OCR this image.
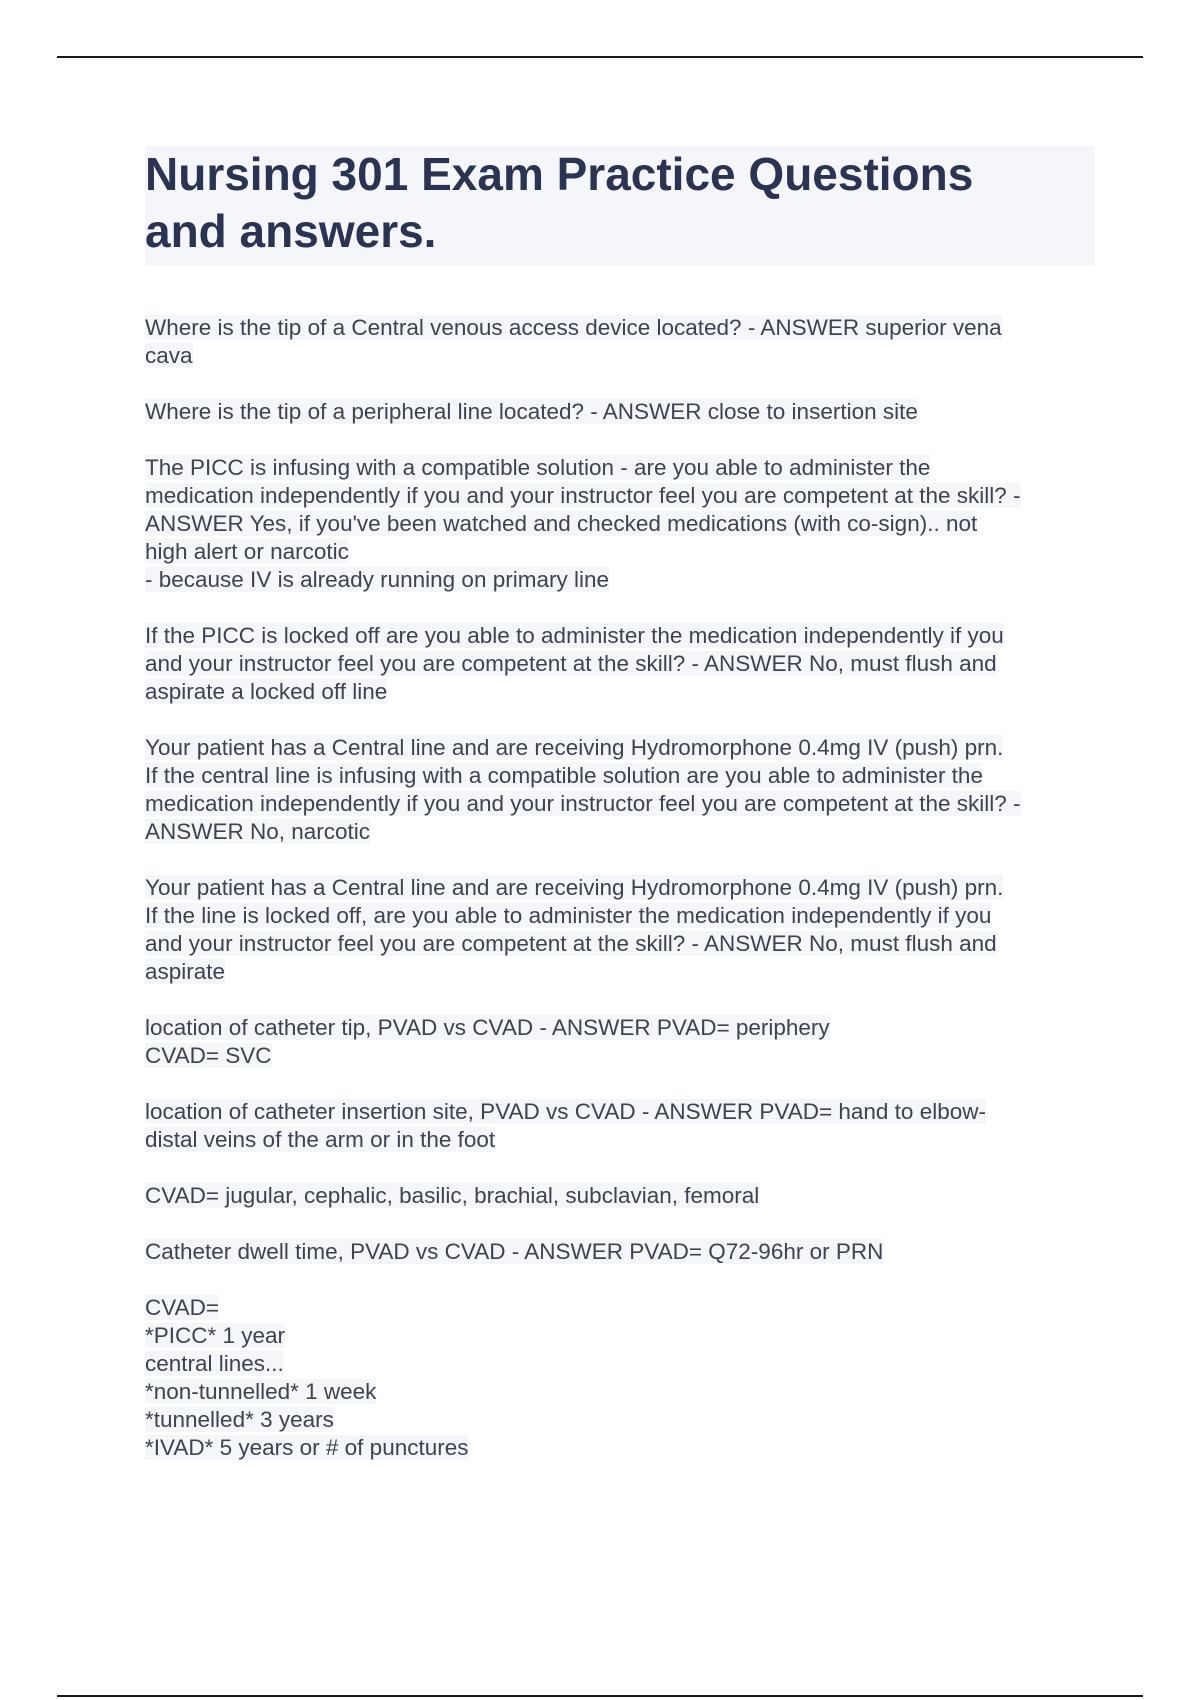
Nursing 301 Exam Practice Questions
and answers.
Where is the tip of a Central venous access device located? - ANSWER superior vena
cava
Where is the tip of a peripheral line located? - ANSWER close to insertion site
The PICC is infusing with a compatible solution - are you able to administer the
medication independently if you and your instructor feel you are competent at the skill? -
ANSWER Yes, if you've been watched and checked medications (with co-sign).. not
high alert or narcotic
- because IV is already running on primary line
If the PICC is locked off are you able to administer the medication independently if you
and your instructor feel you are competent at the skill? - ANSWER No, must flush and
aspirate a locked off line
Your patient has a Central line and are receiving Hydromorphone 0.4mg IV (push) prn.
If the central line is infusing with a compatible solution are you able to administer the
medication independently if you and your instructor feel you are competent at the skill? -
ANSWER No, narcotic
Your patient has a Central line and are receiving Hydromorphone 0.4mg IV (push) prn.
If the line is locked off, are you able to administer the medication independently if you
and your instructor feel you are competent at the skill? - ANSWER No, must flush and
aspirate
location of catheter tip, PVAD vs CVAD - ANSWER PVAD= periphery
CVAD= SVC
location of catheter insertion site, PVAD vs CVAD - ANSWER PVAD= hand to elbow-
distal veins of the arm or in the foot
CVAD= jugular, cephalic, basilic, brachial, subclavian, femoral
Catheter dwell time, PVAD vs CVAD - ANSWER PVAD= Q72-96hr or PRN
CVAD=
*PICC* 1 year
central lines...
*non-tunnelled* 1 week
*tunnelled* 3 years
*IVAD* 5 years or # of punctures
